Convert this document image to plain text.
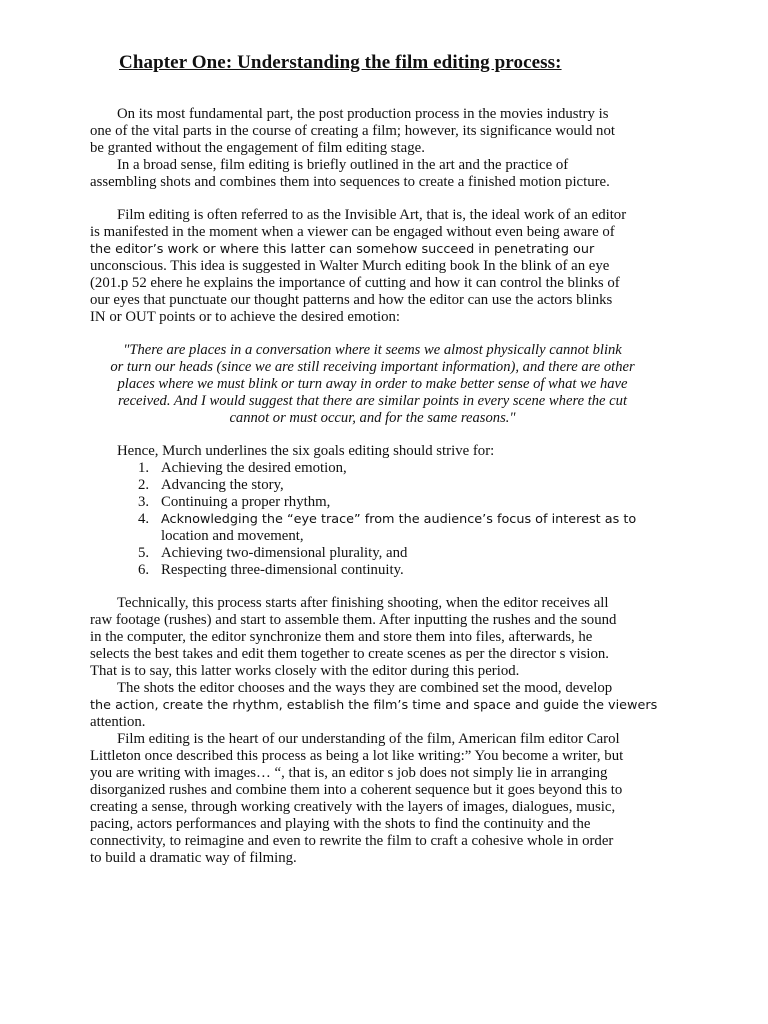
Chapter One: Understanding the film editing process:
On its most fundamental part, the post production process in the movies industry is
one of the vital parts in the course of creating a film; however, its significance would not
be granted without the engagement of film editing stage.
In a broad sense, film editing is briefly outlined in the art and the practice of
assembling shots and combines them into sequences to create a finished motion picture.
Film editing is often referred to as the Invisible Art, that is, the ideal work of an editor
is manifested in the moment when a viewer can be engaged without even being aware of
the editor’s work or where this latter can somehow succeed in penetrating our
unconscious. This idea is suggested in Walter Murch editing book In the blink of an eye
(201.p 52 ehere he explains the importance of cutting and how it can control the blinks of
our eyes that punctuate our thought patterns and how the editor can use the actors blinks
IN or OUT points or to achieve the desired emotion:
"There are places in a conversation where it seems we almost physically cannot blink
or turn our heads (since we are still receiving important information), and there are other
places where we must blink or turn away in order to make better sense of what we have
received. And I would suggest that there are similar points in every scene where the cut
cannot or must occur, and for the same reasons."
Hence, Murch underlines the six goals editing should strive for:
1. Achieving the desired emotion,
2. Advancing the story,
3. Continuing a proper rhythm,
4. Acknowledging the “eye trace” from the audience’s focus of interest as to
location and movement,
5. Achieving two-dimensional plurality, and
6. Respecting three-dimensional continuity.
Technically, this process starts after finishing shooting, when the editor receives all
raw footage (rushes) and start to assemble them. After inputting the rushes and the sound
in the computer, the editor synchronize them and store them into files, afterwards, he
selects the best takes and edit them together to create scenes as per the director s vision.
That is to say, this latter works closely with the editor during this period.
The shots the editor chooses and the ways they are combined set the mood, develop
the action, create the rhythm, establish the film’s time and space and guide the viewers
attention.
Film editing is the heart of our understanding of the film, American film editor Carol
Littleton once described this process as being a lot like writing:” You become a writer, but
you are writing with images… “, that is, an editor s job does not simply lie in arranging
disorganized rushes and combine them into a coherent sequence but it goes beyond this to
creating a sense, through working creatively with the layers of images, dialogues, music,
pacing, actors performances and playing with the shots to find the continuity and the
connectivity, to reimagine and even to rewrite the film to craft a cohesive whole in order
to build a dramatic way of filming.
